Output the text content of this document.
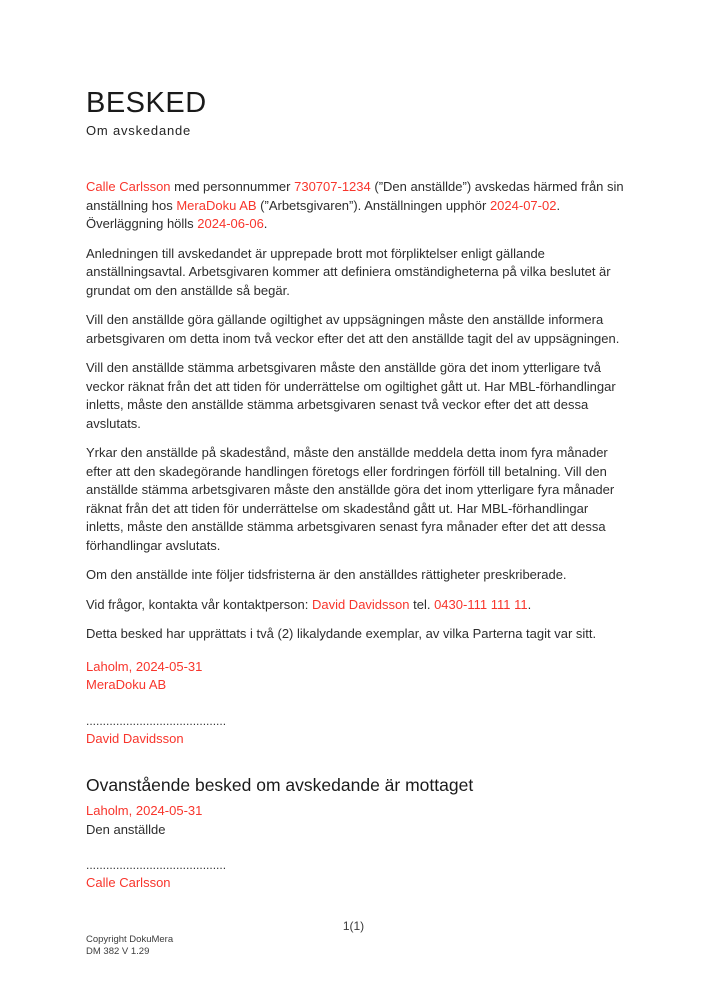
BESKED
Om avskedande

Calle Carlsson med personnummer 730707-1234 (”Den anställde”) avskedas härmed från sin anställning hos MeraDoku AB (”Arbetsgivaren”). Anställningen upphör 2024-07-02. Överläggning hölls 2024-06-06.

Anledningen till avskedandet är upprepade brott mot förpliktelser enligt gällande anställningsavtal. Arbetsgivaren kommer att definiera omständigheterna på vilka beslutet är grundat om den anställde så begär.

Vill den anställde göra gällande ogiltighet av uppsägningen måste den anställde informera arbetsgivaren om detta inom två veckor efter det att den anställde tagit del av uppsägningen.

Vill den anställde stämma arbetsgivaren måste den anställde göra det inom ytterligare två veckor räknat från det att tiden för underrättelse om ogiltighet gått ut. Har MBL-förhandlingar inletts, måste den anställde stämma arbetsgivaren senast två veckor efter det att dessa avslutats.

Yrkar den anställde på skadestånd, måste den anställde meddela detta inom fyra månader efter att den skadegörande handlingen företogs eller fordringen förföll till betalning. Vill den anställde stämma arbetsgivaren måste den anställde göra det inom ytterligare fyra månader räknat från det att tiden för underrättelse om skadestånd gått ut. Har MBL-förhandlingar inletts, måste den anställde stämma arbetsgivaren senast fyra månader efter det att dessa förhandlingar avslutats.

Om den anställde inte följer tidsfristerna är den anställdes rättigheter preskriberade.

Vid frågor, kontakta vår kontaktperson: David Davidsson tel. 0430-111 111 11.

Detta besked har upprättats i två (2) likalydande exemplar, av vilka Parterna tagit var sitt.

Laholm, 2024-05-31
MeraDoku AB
..........................................
David Davidsson
Ovanstående besked om avskedande är mottaget
Laholm, 2024-05-31
Den anställde
..........................................
Calle Carlsson
1(1)
Copyright DokuMera
DM 382 V 1.29
